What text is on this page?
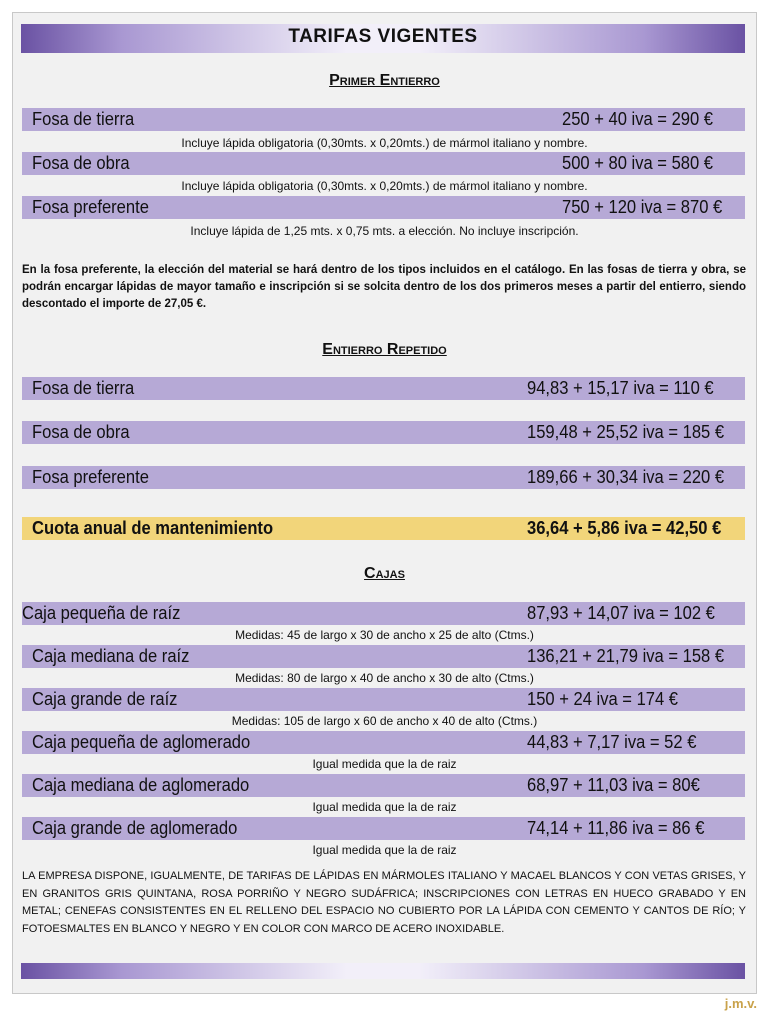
TARIFAS VIGENTES
Primer Entierro
Fosa de tierra	250 + 40 iva = 290 €
Incluye lápida obligatoria (0,30mts. x 0,20mts.) de mármol italiano y nombre.
Fosa de obra	500 + 80 iva = 580 €
Incluye lápida obligatoria (0,30mts. x 0,20mts.) de mármol italiano y nombre.
Fosa preferente	750 + 120 iva = 870 €
Incluye lápida de 1,25 mts. x 0,75 mts. a elección. No incluye inscripción.
En la fosa preferente, la elección del material se hará dentro de los tipos incluidos en el catálogo. En las fosas de tierra y obra, se podrán encargar lápidas de mayor tamaño e inscripción si se solcita dentro de los dos primeros meses a partir del entierro, siendo descontado el importe de 27,05 €.
Entierro Repetido
Fosa de tierra	94,83 + 15,17 iva = 110 €
Fosa de obra	159,48 + 25,52 iva = 185 €
Fosa preferente	189,66 + 30,34 iva = 220 €
Cuota anual de mantenimiento	36,64 + 5,86 iva = 42,50 €
Cajas
Caja pequeña de raíz	87,93 + 14,07 iva = 102 €
Medidas: 45 de largo x 30 de ancho x 25 de alto (Ctms.)
Caja mediana de raíz	136,21 + 21,79 iva = 158 €
Medidas: 80 de largo x 40 de ancho x 30 de alto (Ctms.)
Caja grande de raíz	150 + 24 iva = 174 €
Medidas: 105 de largo x 60 de ancho x 40 de alto (Ctms.)
Caja pequeña de aglomerado	44,83 + 7,17 iva = 52 €
Igual medida que la de raiz
Caja mediana de aglomerado	68,97 + 11,03 iva = 80€
Igual medida que la de raiz
Caja grande de aglomerado	74,14 + 11,86 iva = 86 €
Igual medida que la de raiz
LA EMPRESA DISPONE, IGUALMENTE, DE TARIFAS DE LÁPIDAS EN MÁRMOLES ITALIANO Y MACAEL BLANCOS Y CON VETAS GRISES, Y EN GRANITOS GRIS QUINTANA, ROSA PORRIÑO Y NEGRO SUDÁFRICA; INSCRIPCIONES CON LETRAS EN HUECO GRABADO Y EN METAL; CENEFAS CONSISTENTES EN EL RELLENO DEL ESPACIO NO CUBIERTO POR LA LÁPIDA CON CEMENTO Y CANTOS DE RÍO; Y FOTOESMALTES EN BLANCO Y NEGRO Y EN COLOR CON MARCO DE ACERO INOXIDABLE.
j.m.v.
